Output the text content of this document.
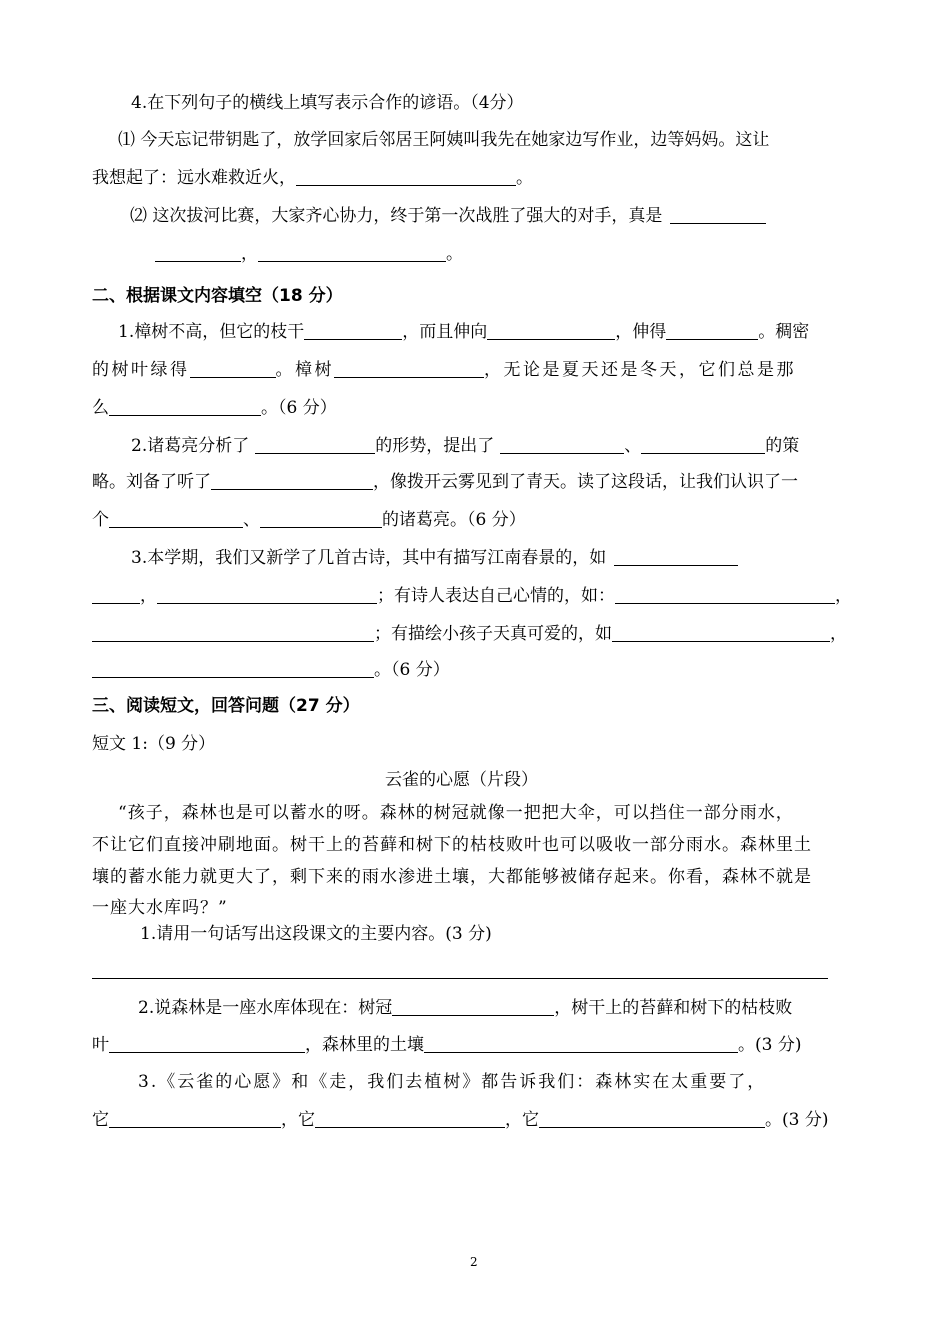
4.在下列句子的横线上填写表示合作的谚语。（4分）
⑴ 今天忘记带钥匙了，放学回家后邻居王阿姨叫我先在她家边写作业，边等妈妈。这让
我想起了：远水难救近火，	。
⑵ 这次拔河比赛，大家齐心协力，终于第一次战胜了强大的对手，真是
，	。
二、根据课文内容填空（18 分）
1.樟树不高，但它的枝干	，而且伸向	，伸得	。稠密
的树叶绿得	。樟树	，无论是夏天还是冬天，它们总是那
么	。（6 分）
2.诸葛亮分析了	的形势，提出了	、	的策
略。刘备了听了	，像拨开云雾见到了青天。读了这段话，让我们认识了一
个	、	的诸葛亮。（6 分）
3.本学期，我们又新学了几首古诗，其中有描写江南春景的，如
，	；有诗人表达自己心情的，如：	，
；有描绘小孩子天真可爱的，如	，
。（6 分）
三、阅读短文，回答问题（27 分）
短文 1:（9 分）
云雀的心愿（片段）
“孩子，森林也是可以蓄水的呀。森林的树冠就像一把把大伞，可以挡住一部分雨水，
不让它们直接冲刷地面。树干上的苔藓和树下的枯枝败叶也可以吸收一部分雨水。森林里土
壤的蓄水能力就更大了，剩下来的雨水渗进土壤，大都能够被储存起来。你看，森林不就是
一座大水库吗？”
1.请用一句话写出这段课文的主要内容。(3 分)
2.说森林是一座水库体现在：树冠	，树干上的苔藓和树下的枯枝败
叶	，森林里的土壤	。(3 分)
3.《云雀的心愿》和《走，我们去植树》都告诉我们：森林实在太重要了，
它	，它	，它	。(3 分)
2
